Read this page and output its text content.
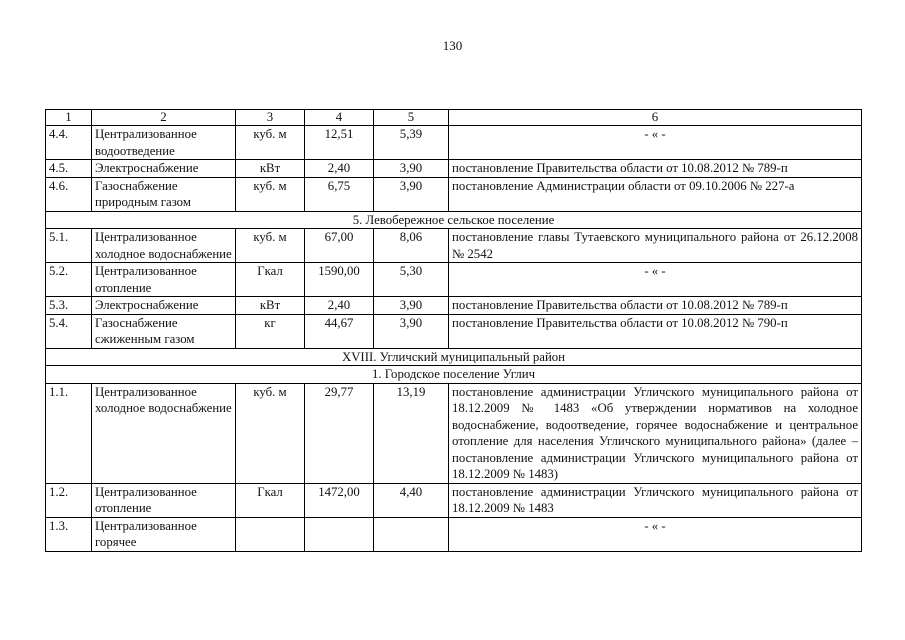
130
1	2	3	4	5	6
4.4.	Централизованное водоотведение	куб. м	12,51	5,39	- « -
4.5.	Электроснабжение	кВт	2,40	3,90	постановление Правительства области от 10.08.2012 № 789-п
4.6.	Газоснабжение природным газом	куб. м	6,75	3,90	постановление Администрации области от 09.10.2006 № 227-а
5. Левобережное сельское поселение					
5.1.	Централизованное холодное водоснабжение	куб. м	67,00	8,06	постановление главы Тутаевского муниципального района от 26.12.2008 № 2542
5.2.	Централизованное отопление	Гкал	1590,00	5,30	- « -
5.3.	Электроснабжение	кВт	2,40	3,90	постановление Правительства области от 10.08.2012 № 789-п
5.4.	Газоснабжение сжиженным газом	кг	44,67	3,90	постановление Правительства области от 10.08.2012 № 790-п
XVIII. Угличский муниципальный район					
1. Городское поселение Углич					
1.1.	Централизованное холодное водоснабжение	куб. м	29,77	13,19	постановление администрации Угличского муниципального района от 18.12.2009 № 1483 «Об утверждении нормативов на холодное водоснабжение, водоотведение, горячее водоснабжение и центральное отопление для населения Угличского муниципального района» (далее – постановление администрации Угличского муниципального района от 18.12.2009 № 1483)
1.2.	Централизованное отопление	Гкал	1472,00	4,40	постановление администрации Угличского муниципального района от 18.12.2009 № 1483
1.3.	Централизованное горячее				- « -
